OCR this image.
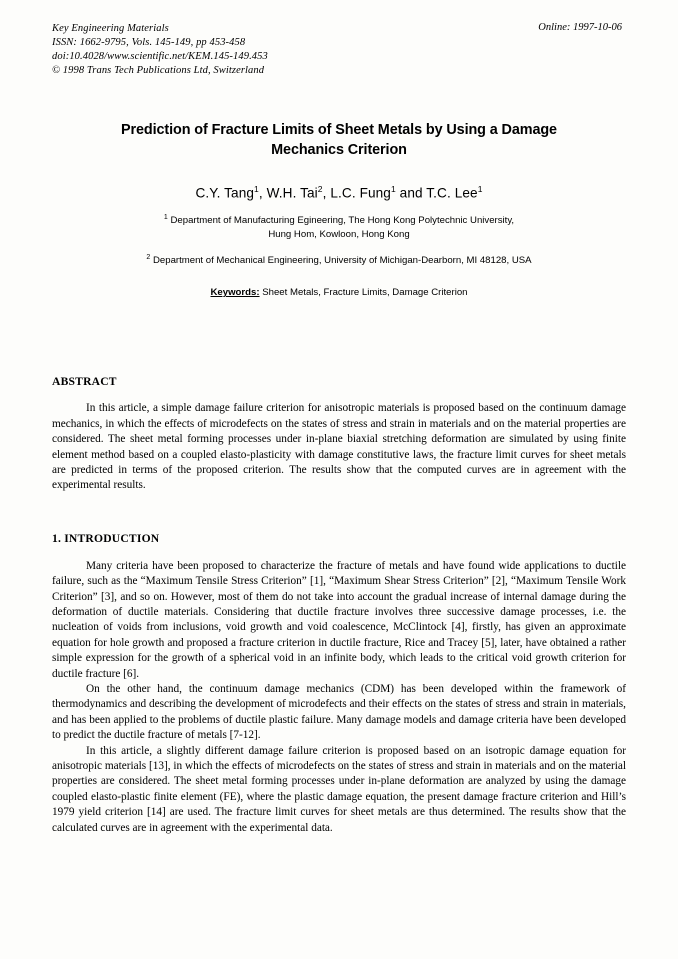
Key Engineering Materials
ISSN: 1662-9795, Vols. 145-149, pp 453-458
doi:10.4028/www.scientific.net/KEM.145-149.453
© 1998 Trans Tech Publications Ltd, Switzerland
Online: 1997-10-06
Prediction of Fracture Limits of Sheet Metals by Using a Damage Mechanics Criterion
C.Y. Tang$^1$, W.H. Tai$^2$, L.C. Fung$^1$ and T.C. Lee$^1$
$^1$ Department of Manufacturing Egineering, The Hong Kong Polytechnic University,
Hung Hom, Kowloon, Hong Kong
$^2$ Department of Mechanical Engineering, University of Michigan-Dearborn, MI 48128, USA
Keywords: Sheet Metals, Fracture Limits, Damage Criterion
ABSTRACT

In this article, a simple damage failure criterion for anisotropic materials is proposed based on the continuum damage mechanics, in which the effects of microdefects on the states of stress and strain in materials and on the material properties are considered. The sheet metal forming processes under in-plane biaxial stretching deformation are simulated by using finite element method based on a coupled elasto-plasticity with damage constitutive laws, the fracture limit curves for sheet metals are predicted in terms of the proposed criterion. The results show that the computed curves are in agreement with the experimental results.

1. INTRODUCTION

Many criteria have been proposed to characterize the fracture of metals and have found wide applications to ductile failure, such as the “Maximum Tensile Stress Criterion” [1], “Maximum Shear Stress Criterion” [2], “Maximum Tensile Work Criterion” [3], and so on. However, most of them do not take into account the gradual increase of internal damage during the deformation of ductile materials. Considering that ductile fracture involves three successive damage processes, i.e. the nucleation of voids from inclusions, void growth and void coalescence, McClintock [4], firstly, has given an approximate equation for hole growth and proposed a fracture criterion in ductile fracture, Rice and Tracey [5], later, have obtained a rather simple expression for the growth of a spherical void in an infinite body, which leads to the critical void growth criterion for ductile fracture [6].

On the other hand, the continuum damage mechanics (CDM) has been developed within the framework of thermodynamics and describing the development of microdefects and their effects on the states of stress and strain in materials, and has been applied to the problems of ductile plastic failure. Many damage models and damage criteria have been developed to predict the ductile fracture of metals [7-12].

In this article, a slightly different damage failure criterion is proposed based on an isotropic damage equation for anisotropic materials [13], in which the effects of microdefects on the states of stress and strain in materials and on the material properties are considered. The sheet metal forming processes under in-plane deformation are analyzed by using the damage coupled elasto-plastic finite element (FE), where the plastic damage equation, the present damage fracture criterion and Hill’s 1979 yield criterion [14] are used. The fracture limit curves for sheet metals are thus determined. The results show that the calculated curves are in agreement with the experimental data.
